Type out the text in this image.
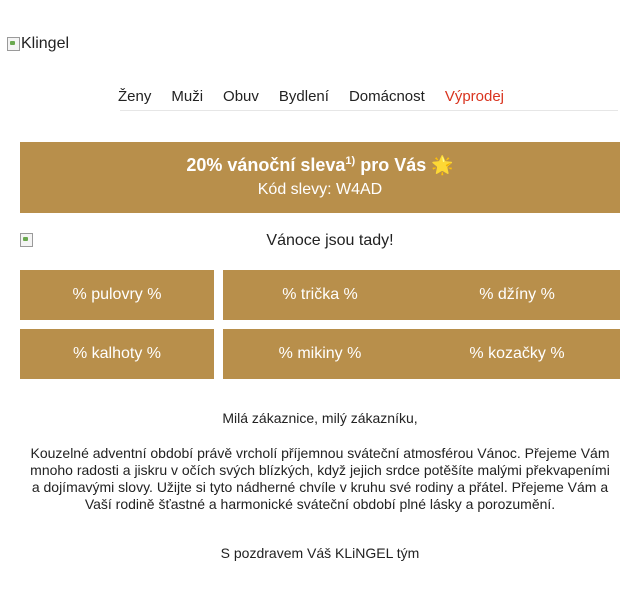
Klingel
Ženy Muži Obuv Bydlení Domácnost Výprodej
20% vánoční sleva$^{1)}$ pro Vás 🌟
Kód slevy: W4AD
Vánoce jsou tady!
% pulovry %	% trička %	% džíny %
% kalhoty %	% mikiny %	% kozačky %

Milá zákaznice, milý zákazníku,

Kouzelné adventní období právě vrcholí příjemnou sváteční atmosférou Vánoc. Přejeme Vám mnoho radosti a jiskru v očích svých blízkých, když jejich srdce potěšíte malými překvapeními a dojímavými slovy. Užijte si tyto nádherné chvíle v kruhu své rodiny a přátel. Přejeme Vám a Vaší rodině šťastné a harmonické sváteční období plné lásky a porozumění.

S pozdravem Váš KLiNGEL tým
